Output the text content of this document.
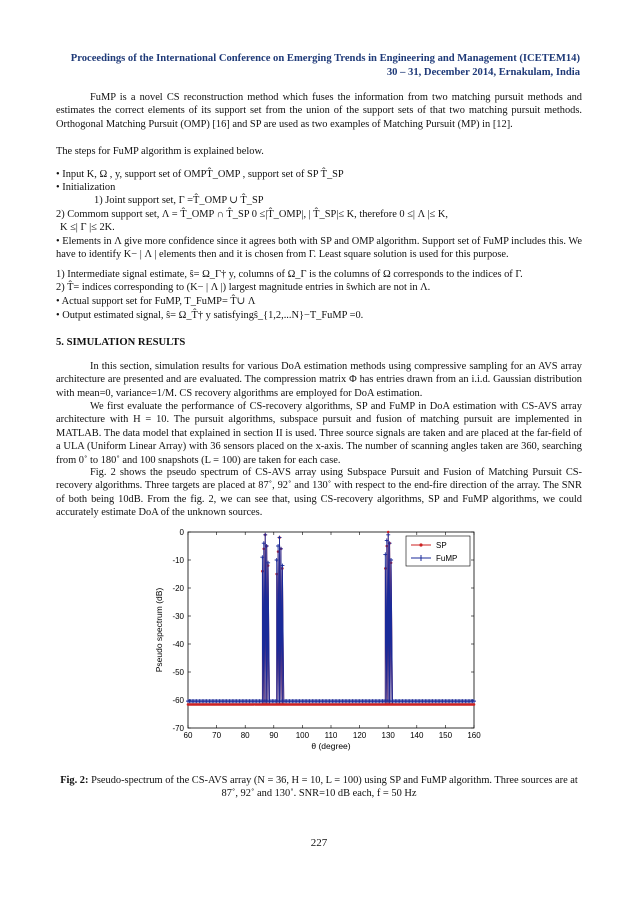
Proceedings of the International Conference on Emerging Trends in Engineering and Management (ICETEM14)
30 – 31, December 2014, Ernakulam, India
FuMP is a novel CS reconstruction method which fuses the information from two matching pursuit methods and estimates the correct elements of its support set from the union of the support sets of that two matching pursuit methods. Orthogonal Matching Pursuit (OMP) [16] and SP are used as two examples of Matching Pursuit (MP) in [12].
The steps for FuMP algorithm is explained below.
• Input K, Ω , y, support set of OMPT̂_OMP , support set of SP T̂_SP
• Initialization
1) Joint support set, Γ =T̂_OMP ∪ T̂_SP
2) Commom support set, Λ = T̂_OMP ∩ T̂_SP 0 ≤|T̂_OMP|, | T̂_SP|≤ K, therefore 0 ≤| Λ |≤ K,
K ≤| Γ |≤ 2K.
• Elements in Λ give more confidence since it agrees both with SP and OMP algorithm. Support set of FuMP includes this. We have to identify K− | Λ | elements then and it is chosen from Γ. Least square solution is used for this purpose.
1) Intermediate signal estimate, ŝ= Ω_Γ† y, columns of Ω_Γ is the columns of Ω corresponds to the indices of Γ.
2) T̂= indices corresponding to (K− | Λ |) largest magnitude entries in ŝwhich are not in Λ.
• Actual support set for FuMP, T_FuMP= T̂∪ Λ
• Output estimated signal, ŝ= Ω_T̂† y satisfyingŝ_{1,2,...N}−T_FuMP =0.
5. SIMULATION RESULTS
In this section, simulation results for various DoA estimation methods using compressive sampling for an AVS array architecture are presented and are evaluated. The compression matrix Φ has entries drawn from an i.i.d. Gaussian distribution with mean=0, variance=1/M. CS recovery algorithms are employed for DoA estimation.
We first evaluate the performance of CS-recovery algorithms, SP and FuMP in DoA estimation with CS-AVS array architecture with H = 10. The pursuit algorithms, subspace pursuit and fusion of matching pursuit are implemented in MATLAB. The data model that explained in section II is used. Three source signals are taken and are placed at the far-field of a ULA (Uniform Linear Array) with 36 sensors placed on the x-axis. The number of scanning angles taken are 360, searching from 0˚ to 180˚ and 100 snapshots (L = 100) are taken for each case.
Fig. 2 shows the pseudo spectrum of CS-AVS array using Subspace Pursuit and Fusion of Matching Pursuit CS-recovery algorithms. Three targets are placed at 87˚, 92˚ and 130˚ with respect to the end-fire direction of the array. The SNR of both being 10dB. From the fig. 2, we can see that, using CS-recovery algorithms, SP and FuMP algorithms, we could accurately estimate DoA of the unknown sources.
60 70 80 90 100 110 120 130 140 150 160
0
-10
-20
-30
-40
-50
-60
-70
θ (degree)
Pseudo spectrum (dB)
SP
FuMP
Fig. 2: Pseudo-spectrum of the CS-AVS array (N = 36, H = 10, L = 100) using SP and FuMP algorithm. Three sources are at 87˚, 92˚ and 130˚. SNR=10 dB each, f = 50 Hz
227
